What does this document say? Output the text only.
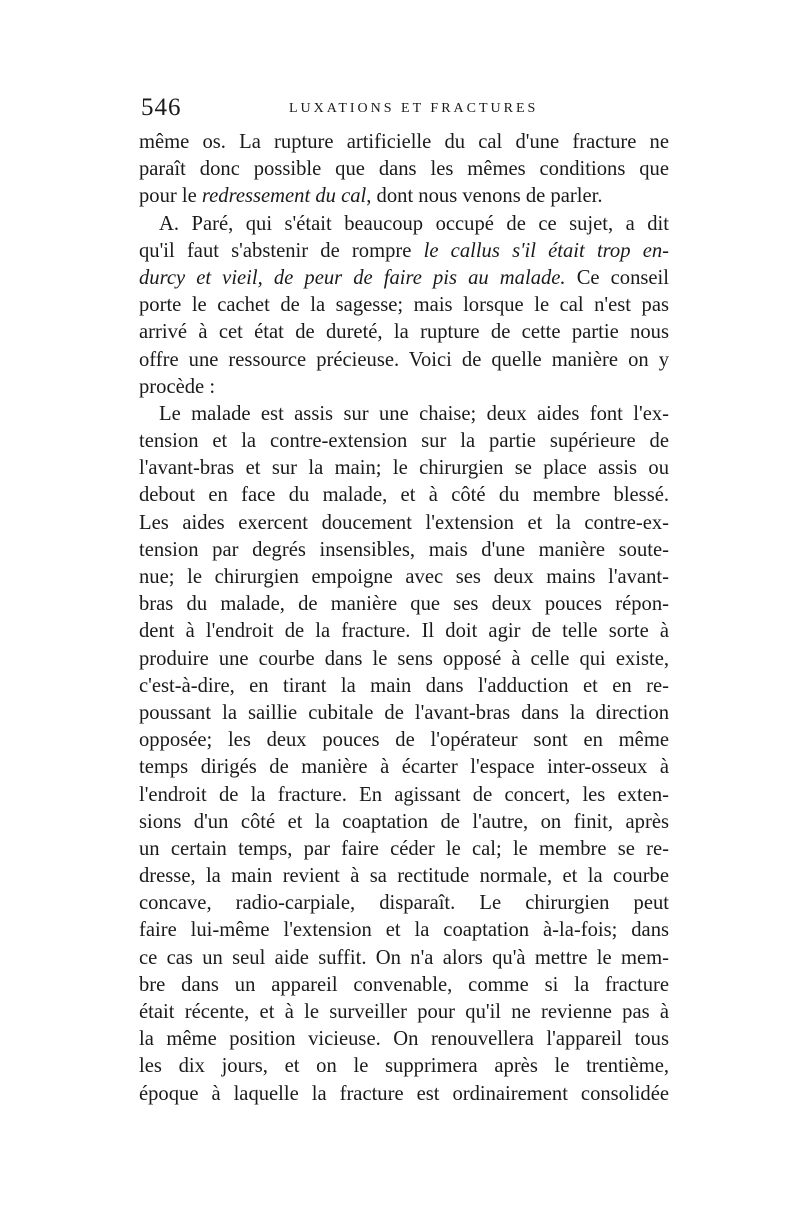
546	LUXATIONS ET FRACTURES
même os. La rupture artificielle du cal d'une fracture ne
paraît donc possible que dans les mêmes conditions que
pour le redressement du cal, dont nous venons de parler.
A. Paré, qui s'était beaucoup occupé de ce sujet, a dit
qu'il faut s'abstenir de rompre le callus s'il était trop en-
durcy et vieil, de peur de faire pis au malade. Ce conseil
porte le cachet de la sagesse; mais lorsque le cal n'est pas
arrivé à cet état de dureté, la rupture de cette partie nous
offre une ressource précieuse. Voici de quelle manière on y
procède :
Le malade est assis sur une chaise; deux aides font l'ex-
tension et la contre-extension sur la partie supérieure de
l'avant-bras et sur la main; le chirurgien se place assis ou
debout en face du malade, et à côté du membre blessé.
Les aides exercent doucement l'extension et la contre-ex-
tension par degrés insensibles, mais d'une manière soute-
nue; le chirurgien empoigne avec ses deux mains l'avant-
bras du malade, de manière que ses deux pouces répon-
dent à l'endroit de la fracture. Il doit agir de telle sorte à
produire une courbe dans le sens opposé à celle qui existe,
c'est-à-dire, en tirant la main dans l'adduction et en re-
poussant la saillie cubitale de l'avant-bras dans la direction
opposée; les deux pouces de l'opérateur sont en même
temps dirigés de manière à écarter l'espace inter-osseux à
l'endroit de la fracture. En agissant de concert, les exten-
sions d'un côté et la coaptation de l'autre, on finit, après
un certain temps, par faire céder le cal; le membre se re-
dresse, la main revient à sa rectitude normale, et la courbe
concave, radio-carpiale, disparaît. Le chirurgien peut
faire lui-même l'extension et la coaptation à-la-fois; dans
ce cas un seul aide suffit. On n'a alors qu'à mettre le mem-
bre dans un appareil convenable, comme si la fracture
était récente, et à le surveiller pour qu'il ne revienne pas à
la même position vicieuse. On renouvellera l'appareil tous
les dix jours, et on le supprimera après le trentième,
époque à laquelle la fracture est ordinairement consolidée
